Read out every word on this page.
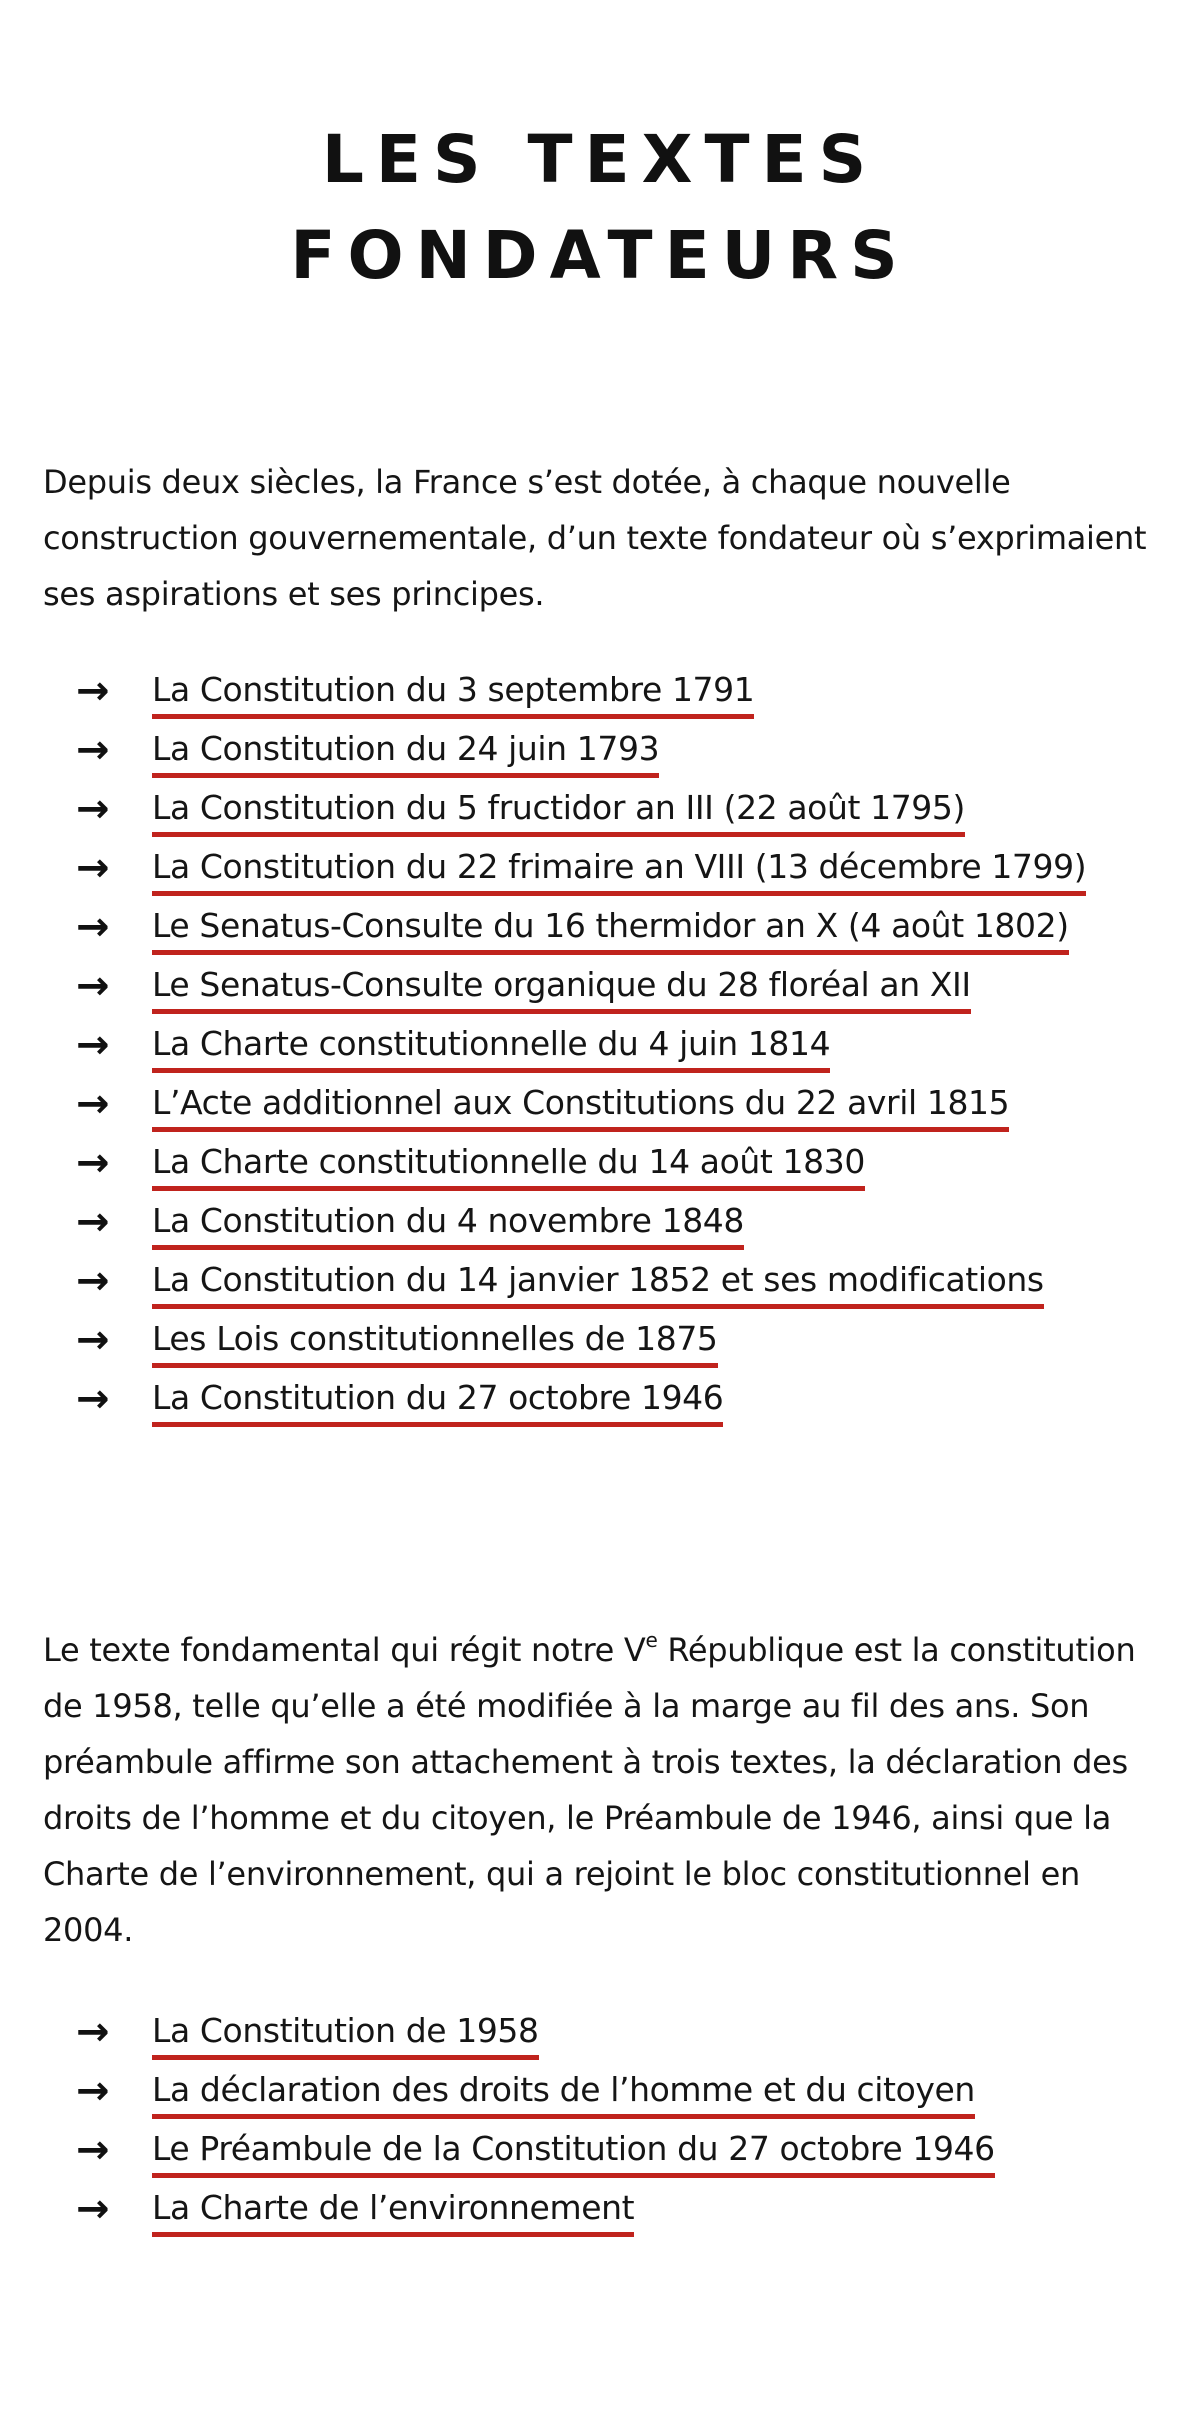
LES TEXTES
FONDATEURS

Depuis deux siècles, la France s’est dotée, à chaque nouvelle construction gouvernementale, d’un texte fondateur où s’exprimaient ses aspirations et ses principes.

→	La Constitution du 3 septembre 1791
→	La Constitution du 24 juin 1793
→	La Constitution du 5 fructidor an III (22 août 1795)
→	La Constitution du 22 frimaire an VIII (13 décembre 1799)
→	Le Senatus-Consulte du 16 thermidor an X (4 août 1802)
→	Le Senatus-Consulte organique du 28 floréal an XII
→	La Charte constitutionnelle du 4 juin 1814
→	L’Acte additionnel aux Constitutions du 22 avril 1815
→	La Charte constitutionnelle du 14 août 1830
→	La Constitution du 4 novembre 1848
→	La Constitution du 14 janvier 1852 et ses modifications
→	Les Lois constitutionnelles de 1875
→	La Constitution du 27 octobre 1946

Le texte fondamental qui régit notre Ve République est la constitution de 1958, telle qu’elle a été modifiée à la marge au fil des ans. Son préambule affirme son attachement à trois textes, la déclaration des droits de l’homme et du citoyen, le Préambule de 1946, ainsi que la Charte de l’environnement, qui a rejoint le bloc constitutionnel en 2004.

→	La Constitution de 1958
→	La déclaration des droits de l’homme et du citoyen
→	Le Préambule de la Constitution du 27 octobre 1946
→	La Charte de l’environnement
